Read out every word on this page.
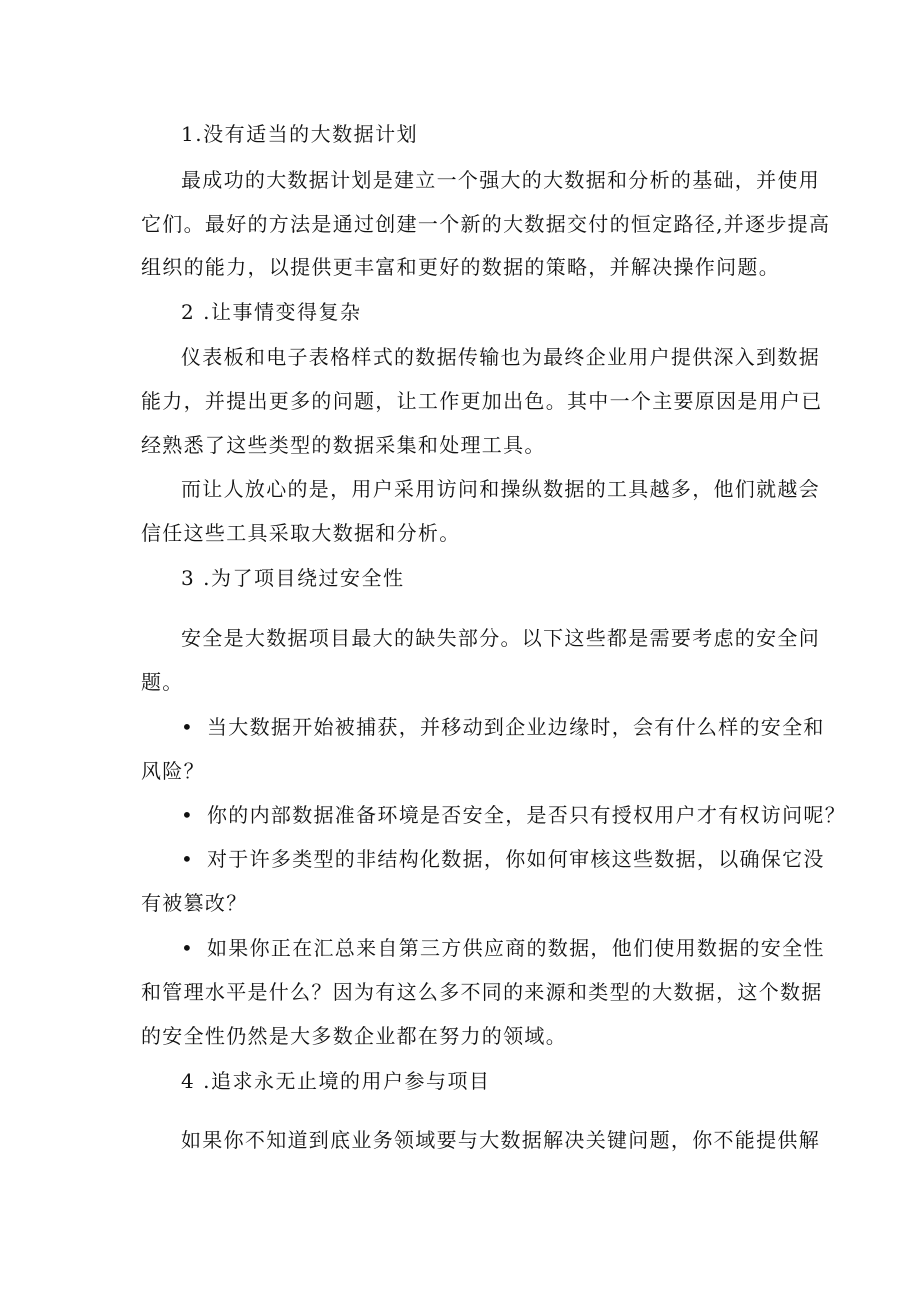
1.没有适当的大数据计划
最成功的大数据计划是建立一个强大的大数据和分析的基础，并使用
它们。最好的方法是通过创建一个新的大数据交付的恒定路径,并逐步提高
组织的能力，以提供更丰富和更好的数据的策略，并解决操作问题。
2 .让事情变得复杂
仪表板和电子表格样式的数据传输也为最终企业用户提供深入到数据
能力，并提出更多的问题，让工作更加出色。其中一个主要原因是用户已
经熟悉了这些类型的数据采集和处理工具。
而让人放心的是，用户采用访问和操纵数据的工具越多，他们就越会
信任这些工具采取大数据和分析。
3 .为了项目绕过安全性
安全是大数据项目最大的缺失部分。以下这些都是需要考虑的安全问
题。
• 当大数据开始被捕获，并移动到企业边缘时，会有什么样的安全和
风险？
• 你的内部数据准备环境是否安全，是否只有授权用户才有权访问呢？
• 对于许多类型的非结构化数据，你如何审核这些数据，以确保它没
有被篡改？
• 如果你正在汇总来自第三方供应商的数据，他们使用数据的安全性
和管理水平是什么？因为有这么多不同的来源和类型的大数据，这个数据
的安全性仍然是大多数企业都在努力的领域。
4 .追求永无止境的用户参与项目
如果你不知道到底业务领域要与大数据解决关键问题，你不能提供解
